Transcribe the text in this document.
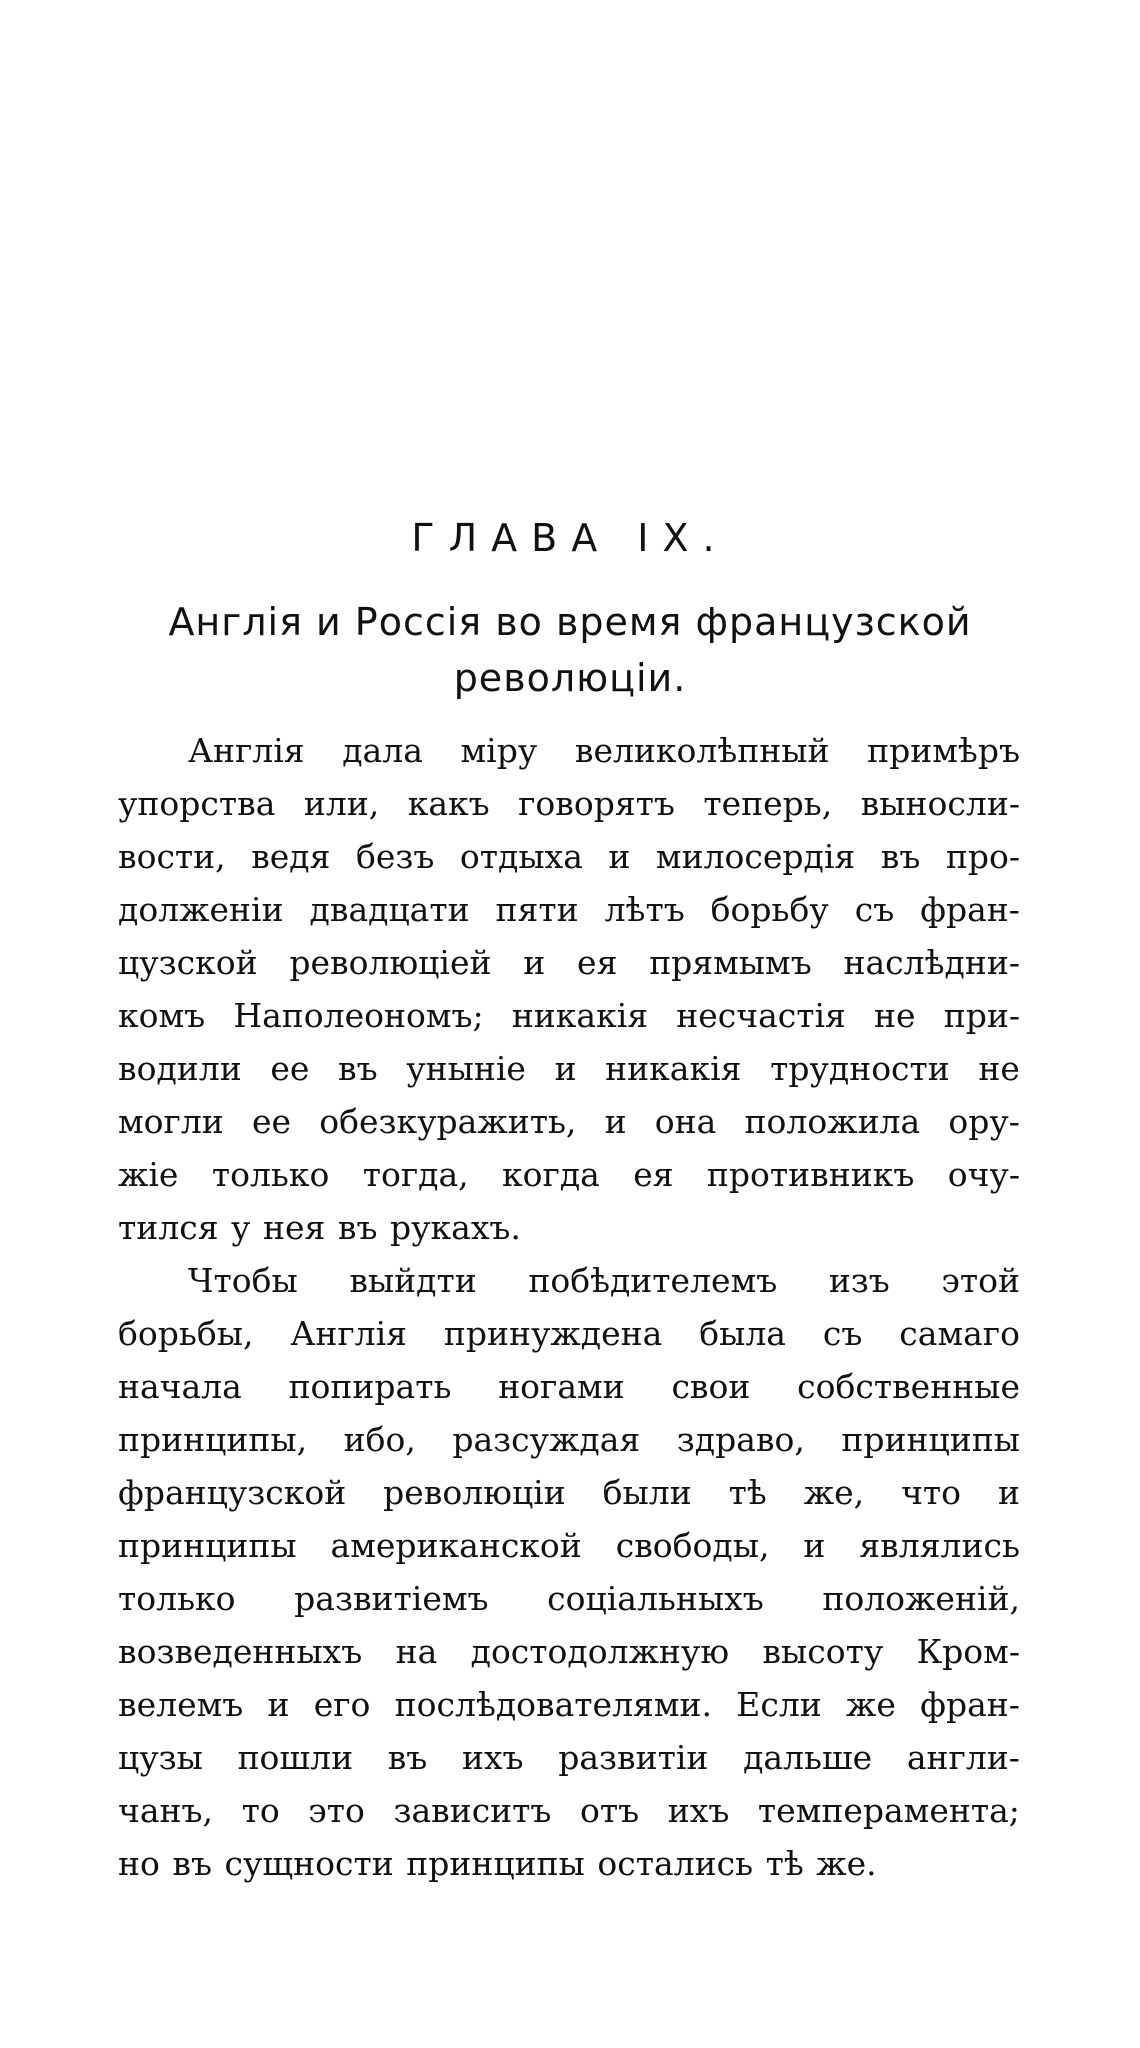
ГЛАВА IX.
Англія и Россія во время французской
революціи.
Англія дала міру великолѣпный примѣръ
упорства или, какъ говорятъ теперь, выносли-
вости, ведя безъ отдыха и милосердія въ про-
долженіи двадцати пяти лѣтъ борьбу съ фран-
цузской революціей и ея прямымъ наслѣдни-
комъ Наполеономъ; никакія несчастія не при-
водили ее въ уныніе и никакія трудности не
могли ее обезкуражить, и она положила ору-
жіе только тогда, когда ея противникъ очу-
тился у нея въ рукахъ.
Чтобы выйдти побѣдителемъ изъ этой
борьбы, Англія принуждена была съ самаго
начала попирать ногами свои собственные
принципы, ибо, разсуждая здраво, принципы
французской революціи были тѣ же, что и
принципы американской свободы, и являлись
только развитіемъ соціальныхъ положеній,
возведенныхъ на достодолжную высоту Кром-
велемъ и его послѣдователями. Если же фран-
цузы пошли въ ихъ развитіи дальше англи-
чанъ, то это зависитъ отъ ихъ темперамента;
но въ сущности принципы остались тѣ же.
